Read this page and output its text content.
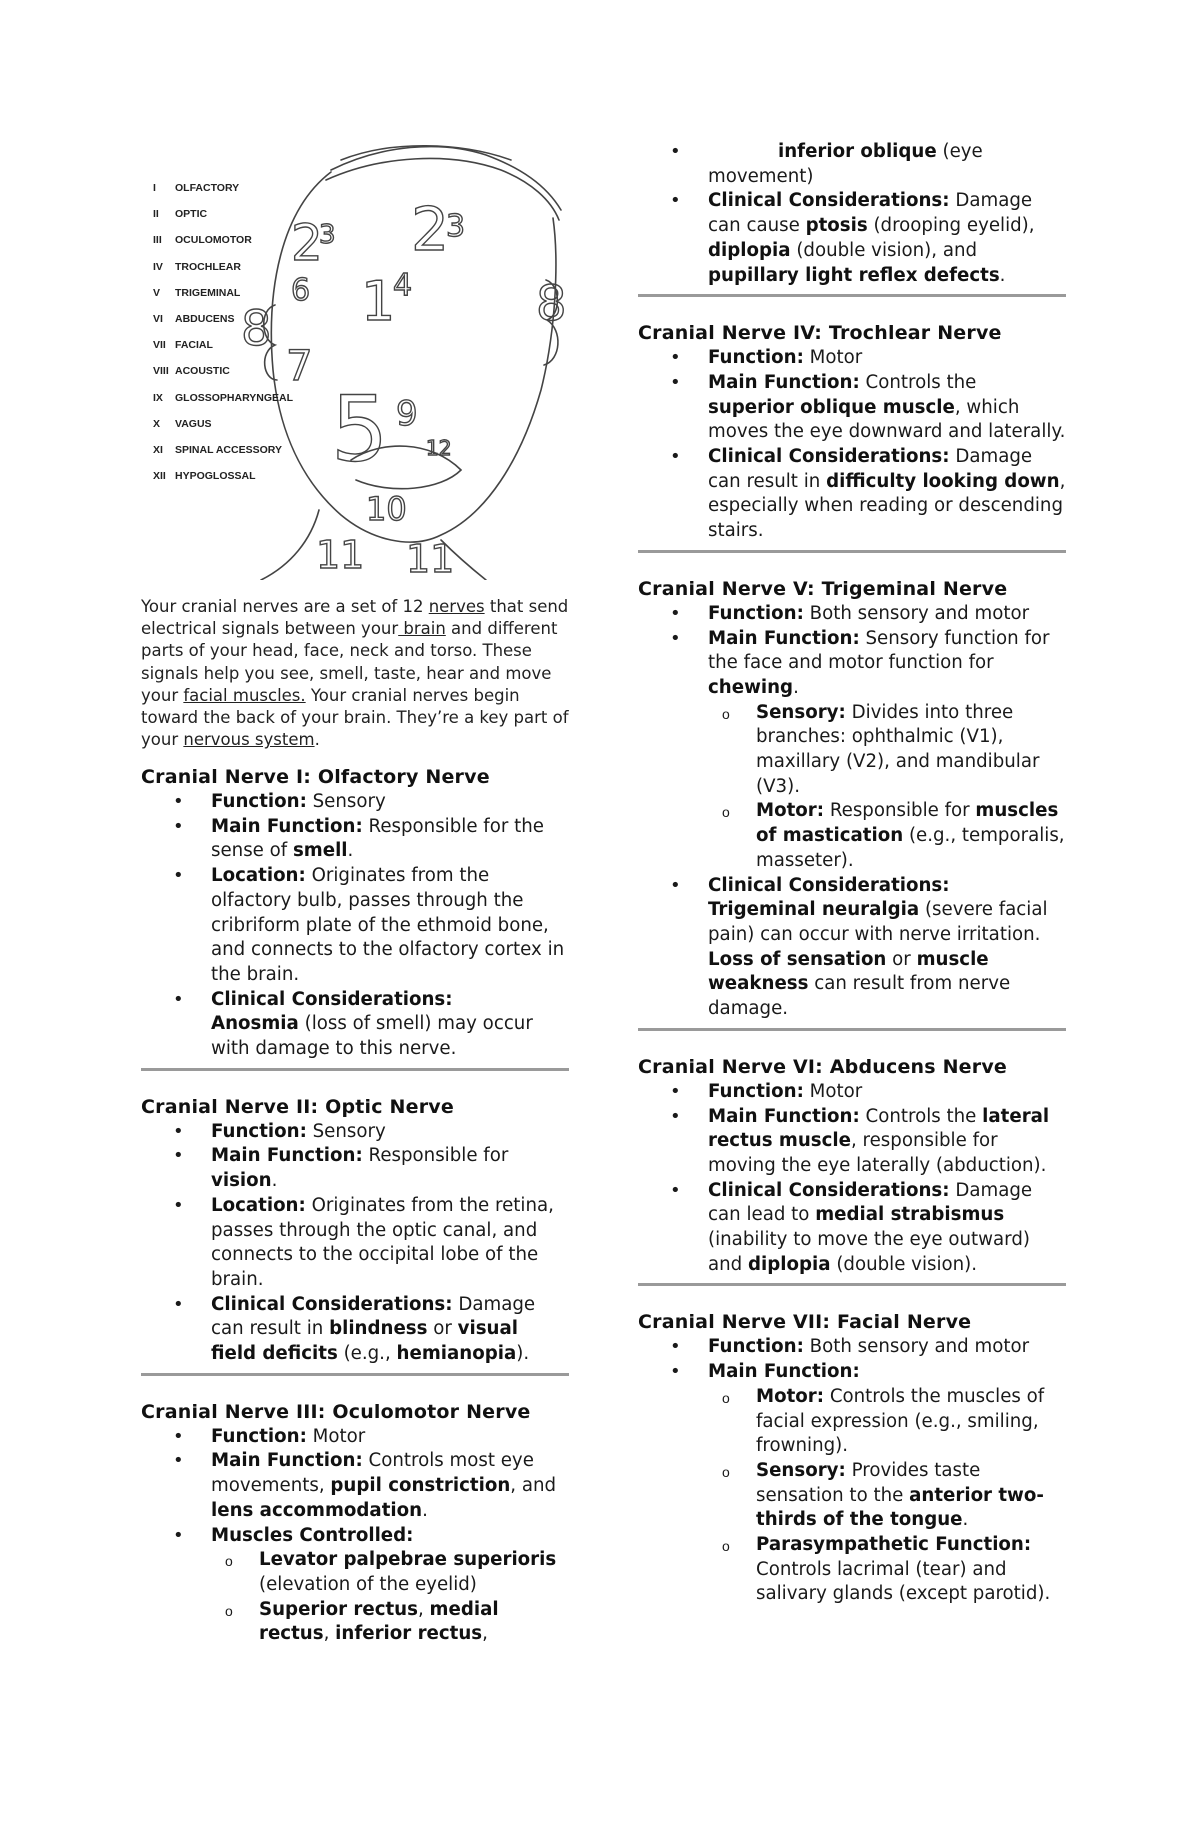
2
3
6
2
3
1
4
8	8
7
5 9
12
10
11 11
I	OLFACTORY
II	OPTIC
III	OCULOMOTOR
IV	TROCHLEAR
V	TRIGEMINAL
VI	ABDUCENS
VII FACIAL
VIII ACOUSTIC
IX	GLOSSOPHARYNGEAL
X	VAGUS
XI	SPINAL ACCESSORY
XII HYPOGLOSSAL
Your cranial nerves are a set of 12 nerves that send electrical signals between your brain and different parts of your head, face, neck and torso. These signals help you see, smell, taste, hear and move your facial muscles. Your cranial nerves begin toward the back of your brain. They’re a key part of your nervous system.
Cranial Nerve I: Olfactory Nerve
• Function: Sensory
• Main Function: Responsible for the sense of smell.
• Location: Originates from the olfactory bulb, passes through the cribriform plate of the ethmoid bone, and connects to the olfactory cortex in the brain.
• Clinical Considerations:
Anosmia (loss of smell) may occur with damage to this nerve.
Cranial Nerve II: Optic Nerve
• Function: Sensory
• Main Function: Responsible for vision.
• Location: Originates from the retina, passes through the optic canal, and connects to the occipital lobe of the brain.
• Clinical Considerations: Damage can result in blindness or visual field deficits (e.g., hemianopia).
Cranial Nerve III: Oculomotor Nerve
• Function: Motor
• Main Function: Controls most eye movements, pupil constriction, and lens accommodation.
• Muscles Controlled:
o Levator palpebrae superioris (elevation of the eyelid)
o Superior rectus, medial rectus, inferior rectus,
• inferior oblique (eye movement)
• Clinical Considerations: Damage can cause ptosis (drooping eyelid), diplopia (double vision), and pupillary light reflex defects.
Cranial Nerve IV: Trochlear Nerve
• Function: Motor
• Main Function: Controls the superior oblique muscle, which moves the eye downward and laterally.
• Clinical Considerations: Damage can result in difficulty looking down, especially when reading or descending stairs.
Cranial Nerve V: Trigeminal Nerve
• Function: Both sensory and motor
• Main Function: Sensory function for the face and motor function for chewing.
o Sensory: Divides into three branches: ophthalmic (V1), maxillary (V2), and mandibular (V3).
o Motor: Responsible for muscles of mastication (e.g., temporalis, masseter).
• Clinical Considerations:
Trigeminal neuralgia (severe facial pain) can occur with nerve irritation. Loss of sensation or muscle weakness can result from nerve damage.
Cranial Nerve VI: Abducens Nerve
• Function: Motor
• Main Function: Controls the lateral rectus muscle, responsible for moving the eye laterally (abduction).
• Clinical Considerations: Damage can lead to medial strabismus (inability to move the eye outward) and diplopia (double vision).
Cranial Nerve VII: Facial Nerve
• Function: Both sensory and motor
• Main Function:
o Motor: Controls the muscles of facial expression (e.g., smiling, frowning).
o Sensory: Provides taste sensation to the anterior two-thirds of the tongue.
o Parasympathetic Function: Controls lacrimal (tear) and salivary glands (except parotid).
